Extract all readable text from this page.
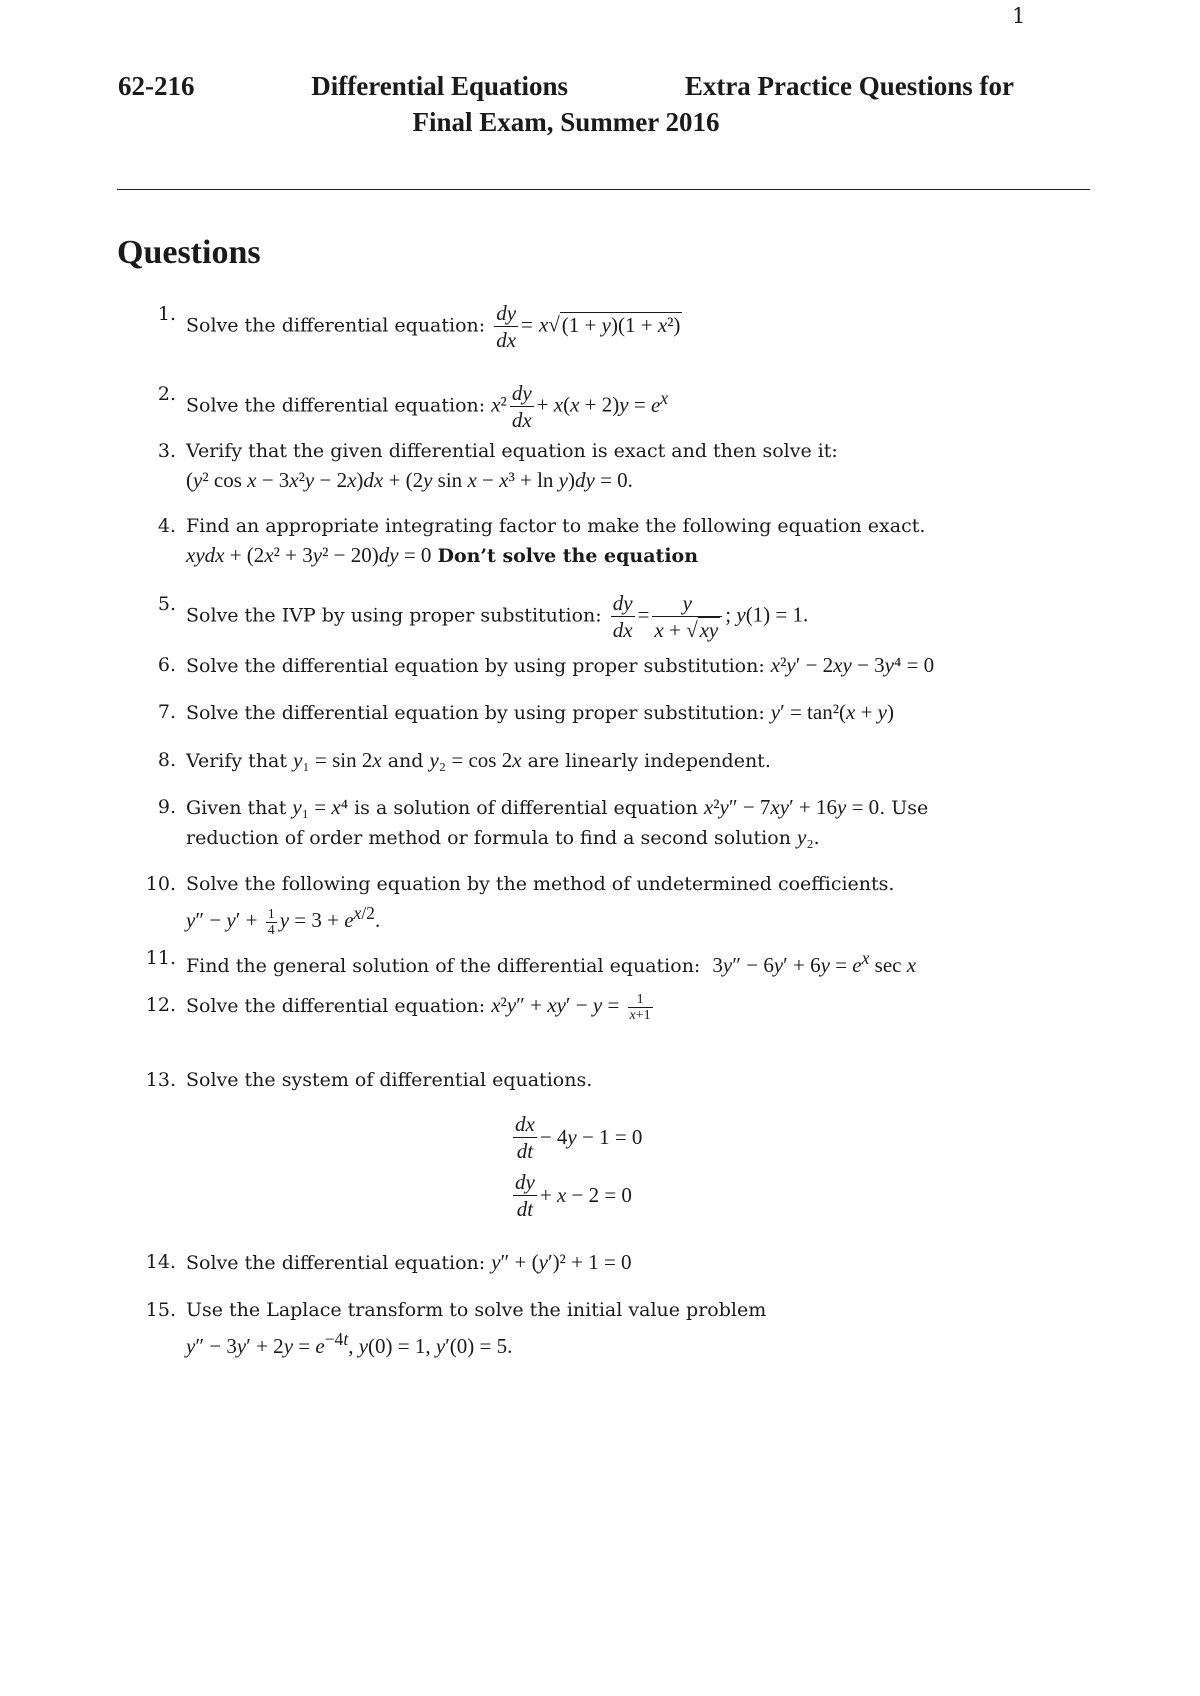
1
62-216	Differential Equations	Extra Practice Questions for
Final Exam, Summer 2016
Questions
1.Solve the differential equation: $\frac{dy}{dx} = x√(1 + y)(1 + x^2)$
2.Solve the differential equation: $x^2 \frac{dy}{dx} + x(x + 2)y = e^x$
3. Verify that the given differential equation is exact and then solve it:
(y² cos x − 3x²y − 2x)dx + (2y sin x − x³ + ln y)dy = 0.
4. Find an appropriate integrating factor to make the following equation exact.
xydx + (2x² + 3y² − 20)dy = 0 Don’t solve the equation
5.Solve the IVP by using proper substitution: $\frac{dy}{dx} = \frac{y}{x + √xy}$ ; y(1) = 1.
6. Solve the differential equation by using proper substitution: x²y′ − 2xy − 3y⁴ = 0
7. Solve the differential equation by using proper substitution: y′ = tan²(x + y)
8. Verify that y₁ = sin 2x and y₂ = cos 2x are linearly independent.
9. Given that y₁ = x⁴ is a solution of differential equation x²y″ − 7xy′ + 16y = 0. Use
reduction of order method or formula to find a second solution y₂.
10. Solve the following equation by the method of undetermined coefficients.
$y'' - y' + \frac{1}{4}$ $y = 3 + e^{x/2}$.
11. Find the general solution of the differential equation: $3y'' - 6y' + 6y = e^x$ sec x
12. Solve the differential equation: $x^2y'' + xy' - y = \frac{1}{x+1}$
13. Solve the system of differential equations.
$\frac{dx}{dt} - 4y - 1 = 0$
$\frac{dy}{dt} + x - 2 = 0$
14. Solve the differential equation: y″ + (y′)² + 1 = 0
15. Use the Laplace transform to solve the initial value problem
$y'' - 3y' + 2y = e^{-4t}$, y(0) = 1, y′(0) = 5.
